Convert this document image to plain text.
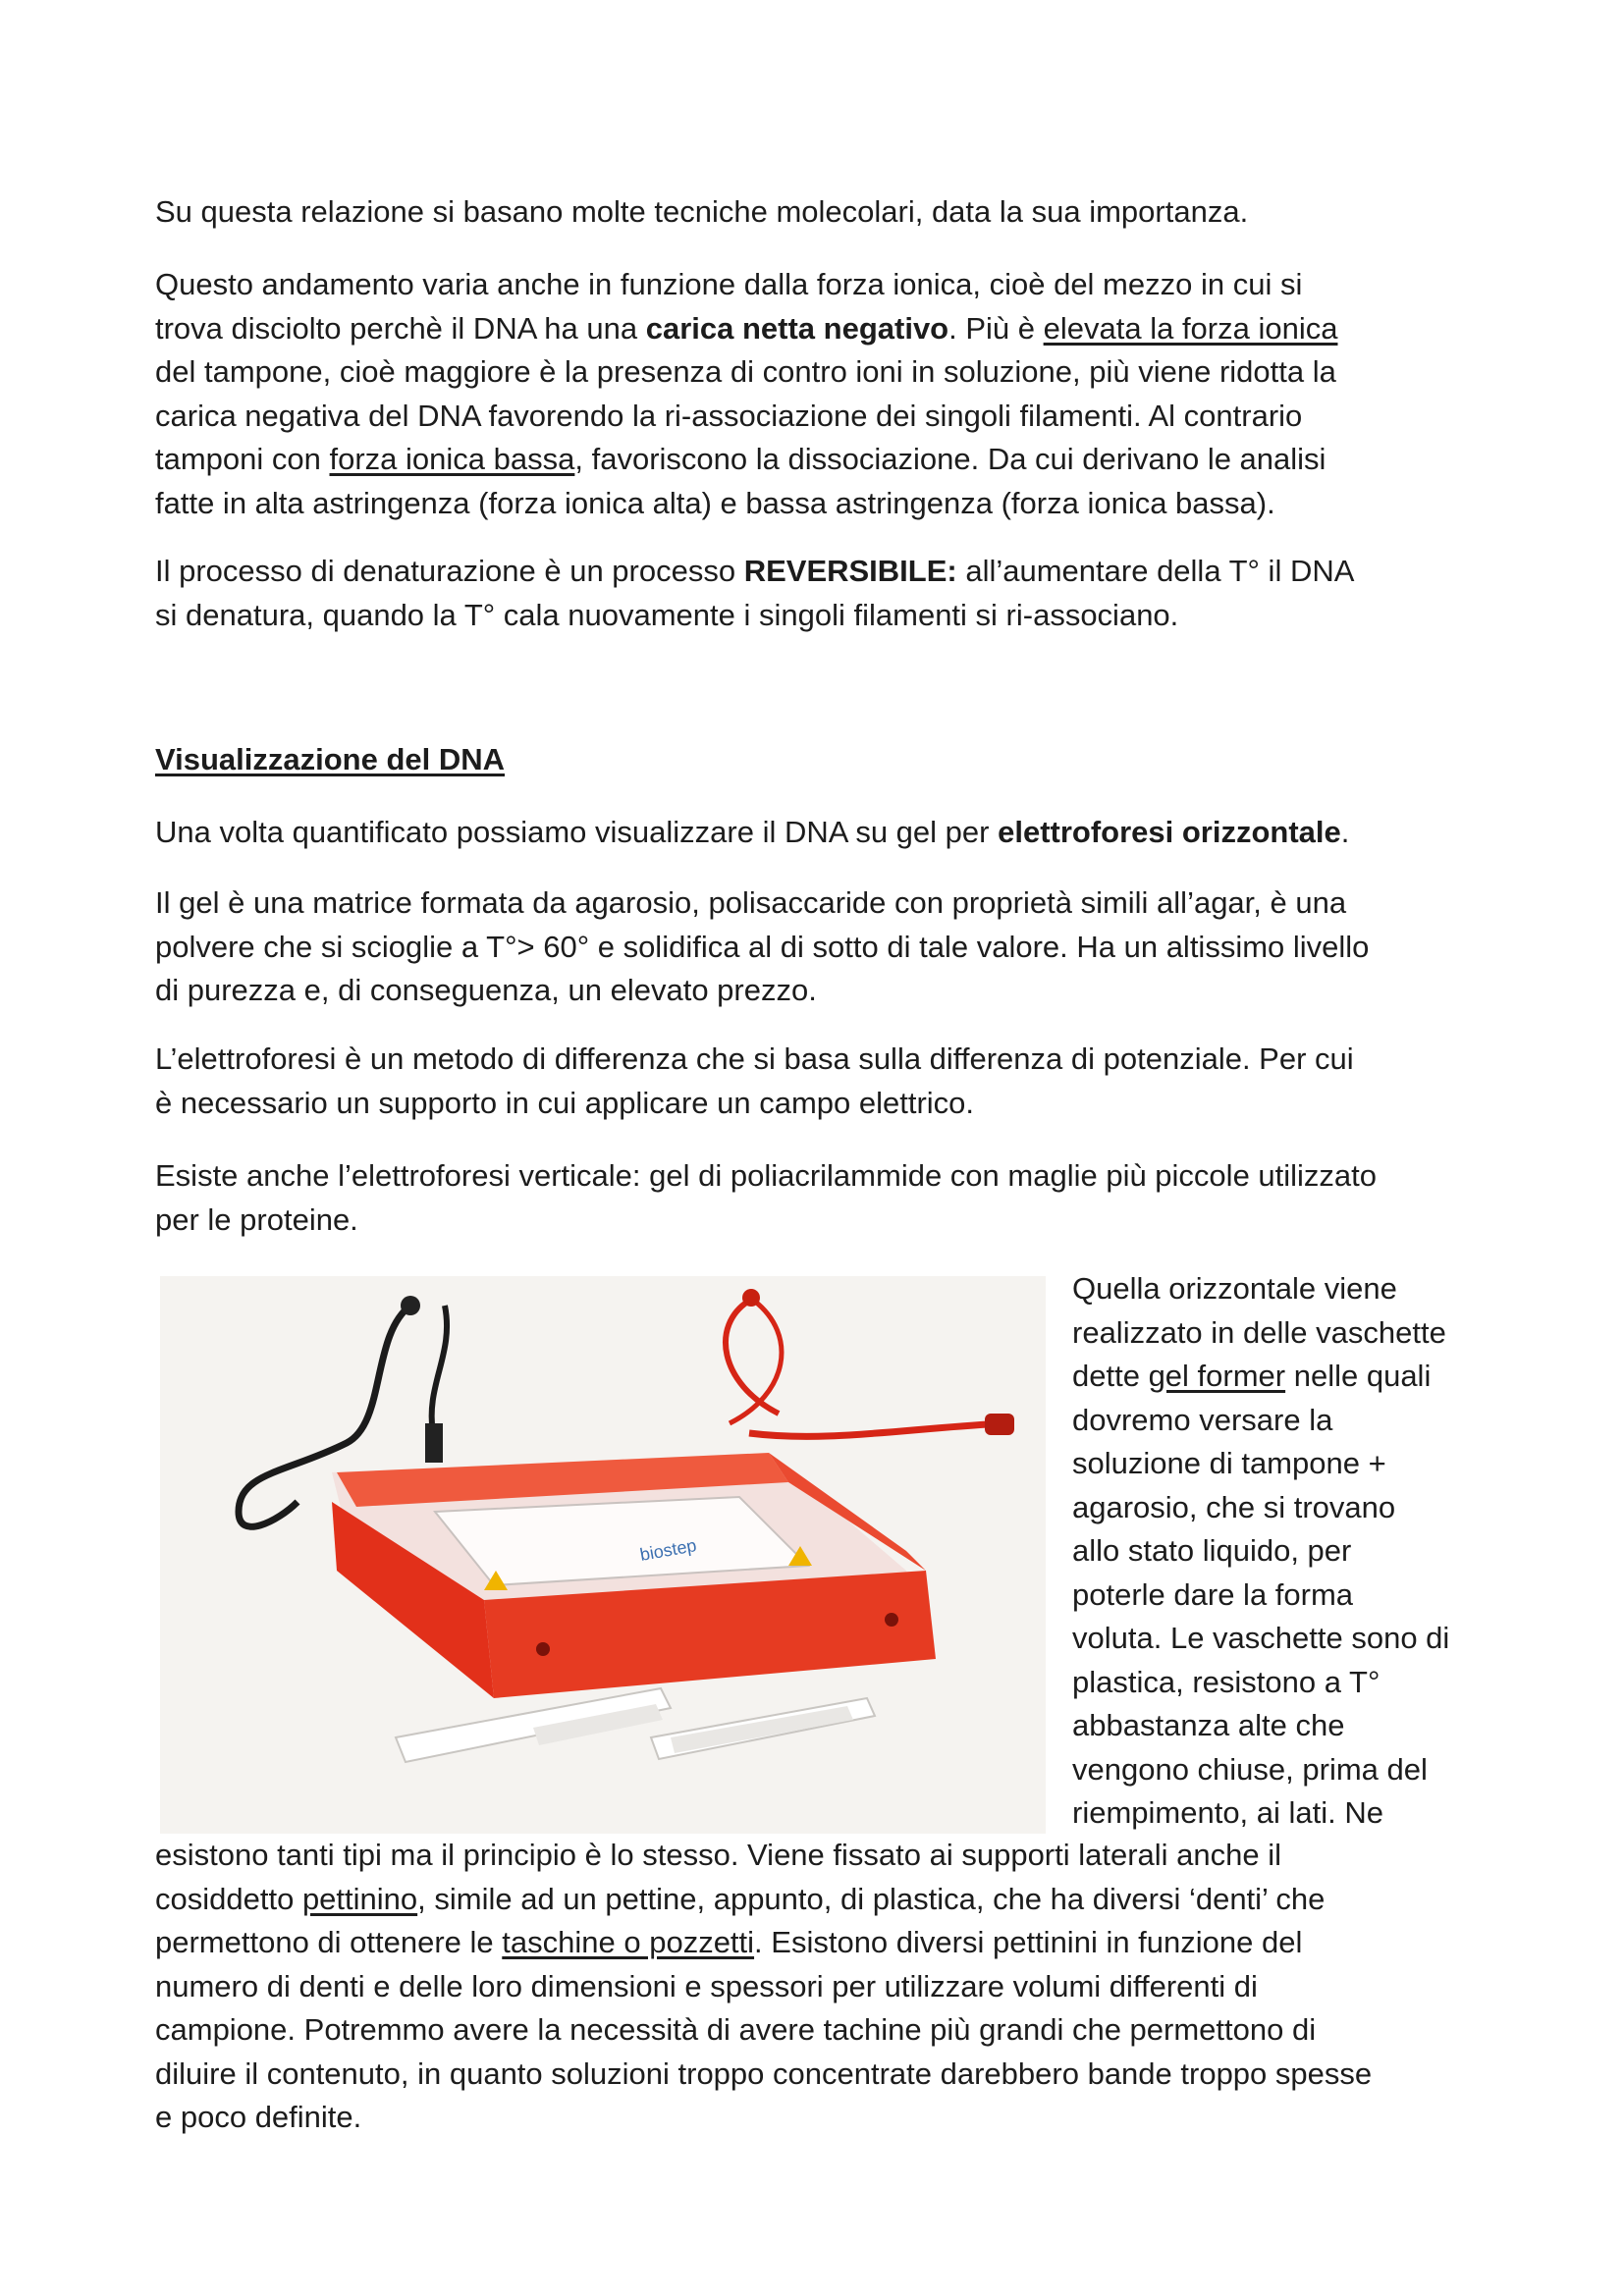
Su questa relazione si basano molte tecniche molecolari, data la sua importanza.

Questo andamento varia anche in funzione dalla forza ionica, cioè del mezzo in cui si
trova disciolto perchè il DNA ha una carica netta negativo. Più è elevata la forza ionica
del tampone, cioè maggiore è la presenza di contro ioni in soluzione, più viene ridotta la
carica negativa del DNA favorendo la ri-associazione dei singoli filamenti. Al contrario
tamponi con forza ionica bassa, favoriscono la dissociazione. Da cui derivano le analisi
fatte in alta astringenza (forza ionica alta) e bassa astringenza (forza ionica bassa).

Il processo di denaturazione è un processo REVERSIBILE: all’aumentare della T° il DNA
si denatura, quando la T° cala nuovamente i singoli filamenti si ri-associano.

Visualizzazione del DNA

Una volta quantificato possiamo visualizzare il DNA su gel per elettroforesi orizzontale.

Il gel è una matrice formata da agarosio, polisaccaride con proprietà simili all’agar, è una
polvere che si scioglie a T°> 60° e solidifica al di sotto di tale valore. Ha un altissimo livello
di purezza e, di conseguenza, un elevato prezzo.

L’elettroforesi è un metodo di differenza che si basa sulla differenza di potenziale. Per cui
è necessario un supporto in cui applicare un campo elettrico.

Esiste anche l’elettroforesi verticale: gel di poliacrilammide con maglie più piccole utilizzato
per le proteine.

biostep

Quella orizzontale viene
realizzato in delle vaschette
dette gel former nelle quali
dovremo versare la
soluzione di tampone +
agarosio, che si trovano
allo stato liquido, per
poterle dare la forma
voluta. Le vaschette sono di
plastica, resistono a T°
abbastanza alte che
vengono chiuse, prima del
riempimento, ai lati. Ne

esistono tanti tipi ma il principio è lo stesso. Viene fissato ai supporti laterali anche il
cosiddetto pettinino, simile ad un pettine, appunto, di plastica, che ha diversi ‘denti’ che
permettono di ottenere le taschine o pozzetti. Esistono diversi pettinini in funzione del
numero di denti e delle loro dimensioni e spessori per utilizzare volumi differenti di
campione. Potremmo avere la necessità di avere tachine più grandi che permettono di
diluire il contenuto, in quanto soluzioni troppo concentrate darebbero bande troppo spesse
e poco definite.
